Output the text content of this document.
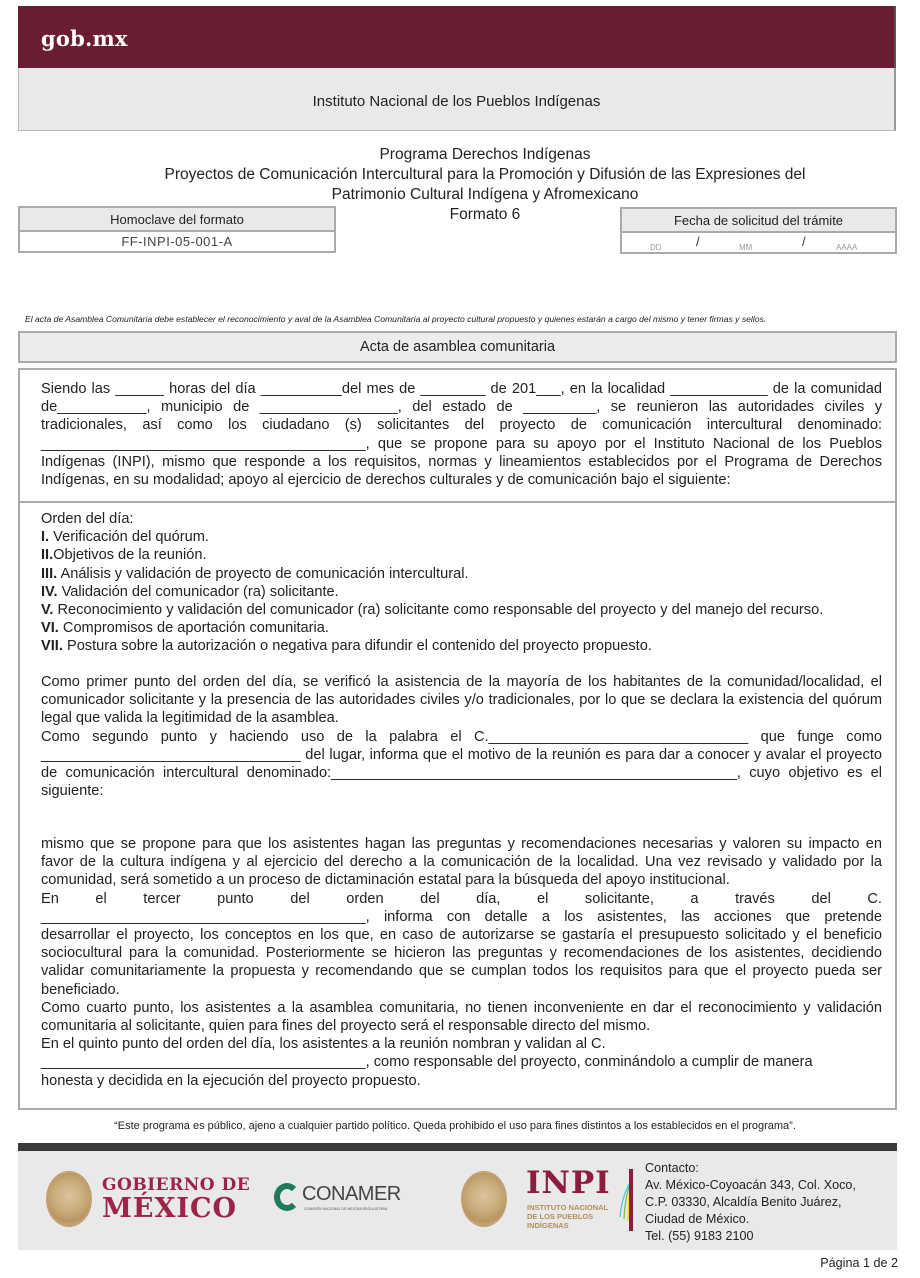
gob.mx
Instituto Nacional de los Pueblos Indígenas
Programa Derechos Indígenas
Proyectos de Comunicación Intercultural para la Promoción y Difusión de las Expresiones del
Patrimonio Cultural Indígena y Afromexicano
Formato 6
Homoclave del formato
FF-INPI-05-001-A
Fecha de solicitud del trámite
DD	/	MM	/	AAAA
El acta de Asamblea Comunitaria debe establecer el reconocimiento y aval de la Asamblea Comunitaria al proyecto cultural propuesto y quienes estarán a cargo del mismo y tener firmas y sellos.
Acta de asamblea comunitaria
Siendo las ______ horas del día __________del mes de ________ de 201___, en la localidad ____________ de la comunidad
de___________, municipio de _________________, del estado de _________, se reunieron las autoridades civiles y
tradicionales, así como los ciudadano (s) solicitantes del proyecto de comunicación intercultural denominado:
________________________________________, que se propone para su apoyo por el Instituto Nacional de los Pueblos
Indígenas (INPI), mismo que responde a los requisitos, normas y lineamientos establecidos por el Programa de Derechos
Indígenas, en su modalidad; apoyo al ejercicio de derechos culturales y de comunicación bajo el siguiente:
Orden del día:
I. Verificación del quórum.
II.Objetivos de la reunión.
III. Análisis y validación de proyecto de comunicación intercultural.
IV. Validación del comunicador (ra) solicitante.
V. Reconocimiento y validación del comunicador (ra) solicitante como responsable del proyecto y del manejo del recurso.
VI. Compromisos de aportación comunitaria.
VII. Postura sobre la autorización o negativa para difundir el contenido del proyecto propuesto.
Como primer punto del orden del día, se verificó la asistencia de la mayoría de los habitantes de la comunidad/localidad, el
comunicador solicitante y la presencia de las autoridades civiles y/o tradicionales, por lo que se declara la existencia del quórum
legal que valida la legitimidad de la asamblea.
Como segundo punto y haciendo uso de la palabra el C.________________________________ que funge como
________________________________ del lugar, informa que el motivo de la reunión es para dar a conocer y avalar el proyecto
de comunicación intercultural denominado:__________________________________________________, cuyo objetivo es el
siguiente:
mismo que se propone para que los asistentes hagan las preguntas y recomendaciones necesarias y valoren su impacto en
favor de la cultura indígena y al ejercicio del derecho a la comunicación de la localidad. Una vez revisado y validado por la
comunidad, será sometido a un proceso de dictaminación estatal para la búsqueda del apoyo institucional.
En el tercer punto del orden del día, el solicitante, a través del C.
________________________________________, informa con detalle a los asistentes, las acciones que pretende
desarrollar el proyecto, los conceptos en los que, en caso de autorizarse se gastaría el presupuesto solicitado y el beneficio
sociocultural para la comunidad. Posteriormente se hicieron las preguntas y recomendaciones de los asistentes, decidiendo
validar comunitariamente la propuesta y recomendando que se cumplan todos los requisitos para que el proyecto pueda ser
beneficiado.
Como cuarto punto, los asistentes a la asamblea comunitaria, no tienen inconveniente en dar el reconocimiento y validación
comunitaria al solicitante, quien para fines del proyecto será el responsable directo del mismo.
En el quinto punto del orden del día, los asistentes a la reunión nombran y validan al C.
________________________________________, como responsable del proyecto, conminándolo a cumplir de manera
honesta y decidida en la ejecución del proyecto propuesto.
“Este programa es público, ajeno a cualquier partido político. Queda prohibido el uso para fines distintos a los establecidos en el programa”.
GOBIERNO DE
MÉXICO	CONAMER
COMISIÓN NACIONAL DE MEJORA REGULATORIA
INPI
INSTITUTO NACIONAL
DE LOS PUEBLOS
INDÍGENAS
Contacto:
Av. México-Coyoacán 343, Col. Xoco,
C.P. 03330, Alcaldía Benito Juárez,
Ciudad de México.
Tel. (55) 9183 2100
Página 1 de 2
